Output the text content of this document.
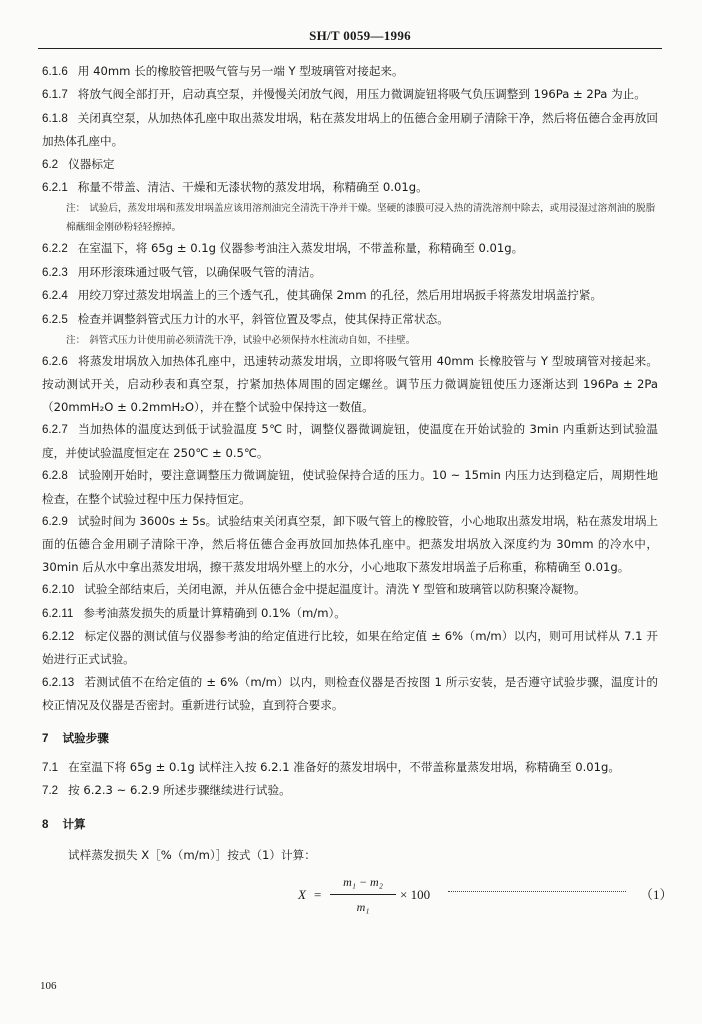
SH/T 0059—1996

6.1.6 用 40mm 长的橡胶管把吸气管与另一端 Y 型玻璃管对接起来。

6.1.7 将放气阀全部打开，启动真空泵，并慢慢关闭放气阀，用压力微调旋钮将吸气负压调整到 196Pa ± 2Pa 为止。

6.1.8 关闭真空泵，从加热体孔座中取出蒸发坩埚，粘在蒸发坩埚上的伍德合金用刷子清除干净，然后将伍德合金再放回加热体孔座中。

6.2 仪器标定

6.2.1 称量不带盖、清洁、干燥和无漆状物的蒸发坩埚，称精确至 0.01g。

注： 试验后，蒸发坩埚和蒸发坩埚盖应该用溶剂油完全清洗干净并干燥。坚硬的漆膜可浸入热的清洗溶剂中除去，或用浸湿过溶剂油的脱脂棉蘸细金刚砂粉轻轻擦掉。

6.2.2 在室温下，将 65g ± 0.1g 仪器参考油注入蒸发坩埚，不带盖称量，称精确至 0.01g。

6.2.3 用环形滚珠通过吸气管，以确保吸气管的清洁。

6.2.4 用绞刀穿过蒸发坩埚盖上的三个透气孔，使其确保 2mm 的孔径，然后用坩埚扳手将蒸发坩埚盖拧紧。

6.2.5 检查并调整斜管式压力计的水平，斜管位置及零点，使其保持正常状态。

注： 斜管式压力计使用前必须清洗干净，试验中必须保持水柱流动自如，不挂壁。

6.2.6 将蒸发坩埚放入加热体孔座中，迅速转动蒸发坩埚，立即将吸气管用 40mm 长橡胶管与 Y 型玻璃管对接起来。按动测试开关，启动秒表和真空泵，拧紧加热体周围的固定螺丝。调节压力微调旋钮使压力逐渐达到 196Pa ± 2Pa（20mmH₂O ± 0.2mmH₂O），并在整个试验中保持这一数值。

6.2.7 当加热体的温度达到低于试验温度 5℃ 时，调整仪器微调旋钮，使温度在开始试验的 3min 内重新达到试验温度，并使试验温度恒定在 250℃ ± 0.5℃。

6.2.8 试验刚开始时，要注意调整压力微调旋钮，使试验保持合适的压力。10 ~ 15min 内压力达到稳定后，周期性地检查，在整个试验过程中压力保持恒定。

6.2.9 试验时间为 3600s ± 5s。试验结束关闭真空泵，卸下吸气管上的橡胶管，小心地取出蒸发坩埚，粘在蒸发坩埚上面的伍德合金用刷子清除干净，然后将伍德合金再放回加热体孔座中。把蒸发坩埚放入深度约为 30mm 的冷水中，30min 后从水中拿出蒸发坩埚，擦干蒸发坩埚外壁上的水分，小心地取下蒸发坩埚盖子后称重，称精确至 0.01g。

6.2.10 试验全部结束后，关闭电源，并从伍德合金中提起温度计。清洗 Y 型管和玻璃管以防积聚冷凝物。

6.2.11 参考油蒸发损失的质量计算精确到 0.1%（m/m）。

6.2.12 标定仪器的测试值与仪器参考油的给定值进行比较，如果在给定值 ± 6%（m/m）以内，则可用试样从 7.1 开始进行正式试验。

6.2.13 若测试值不在给定值的 ± 6%（m/m）以内，则检查仪器是否按图 1 所示安装，是否遵守试验步骤，温度计的校正情况及仪器是否密封。重新进行试验，直到符合要求。

7 试验步骤

7.1 在室温下将 65g ± 0.1g 试样注入按 6.2.1 准备好的蒸发坩埚中，不带盖称量蒸发坩埚，称精确至 0.01g。

7.2 按 6.2.3 ~ 6.2.9 所述步骤继续进行试验。

8 计算

试样蒸发损失 X［%（m/m）］按式（1）计算：

X =
m₁ − m₂
m₁
× 100	（1）
106
